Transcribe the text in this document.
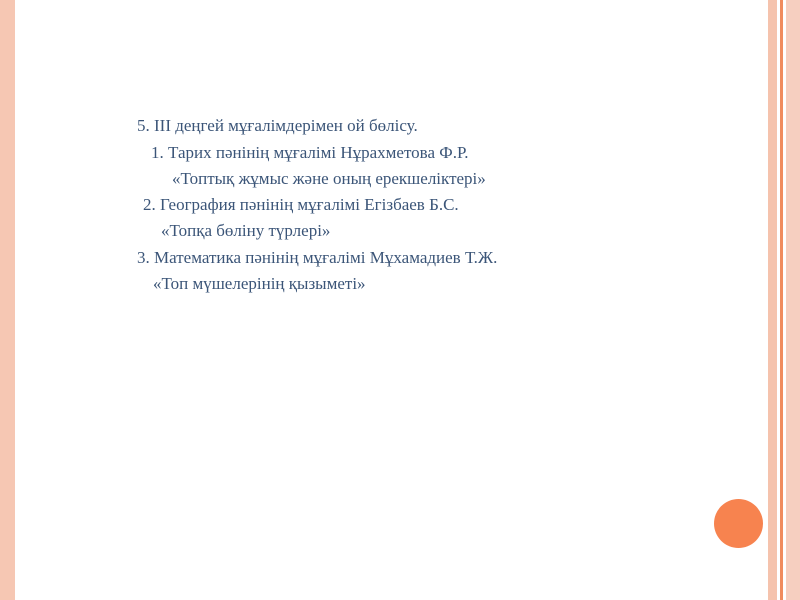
5. ІІІ деңгей мұғалімдерімен ой бөлісу.
1. Тарих пәнінің мұғалімі Нұрахметова Ф.Р.
«Топтық жұмыс және оның ерекшеліктері»
2. География пәнінің мұғалімі Егізбаев Б.С.
«Топқа бөліну түрлері»
3. Математика пәнінің мұғалімі Мұхамадиев Т.Ж.
«Топ мүшелерінің қызыметі»
